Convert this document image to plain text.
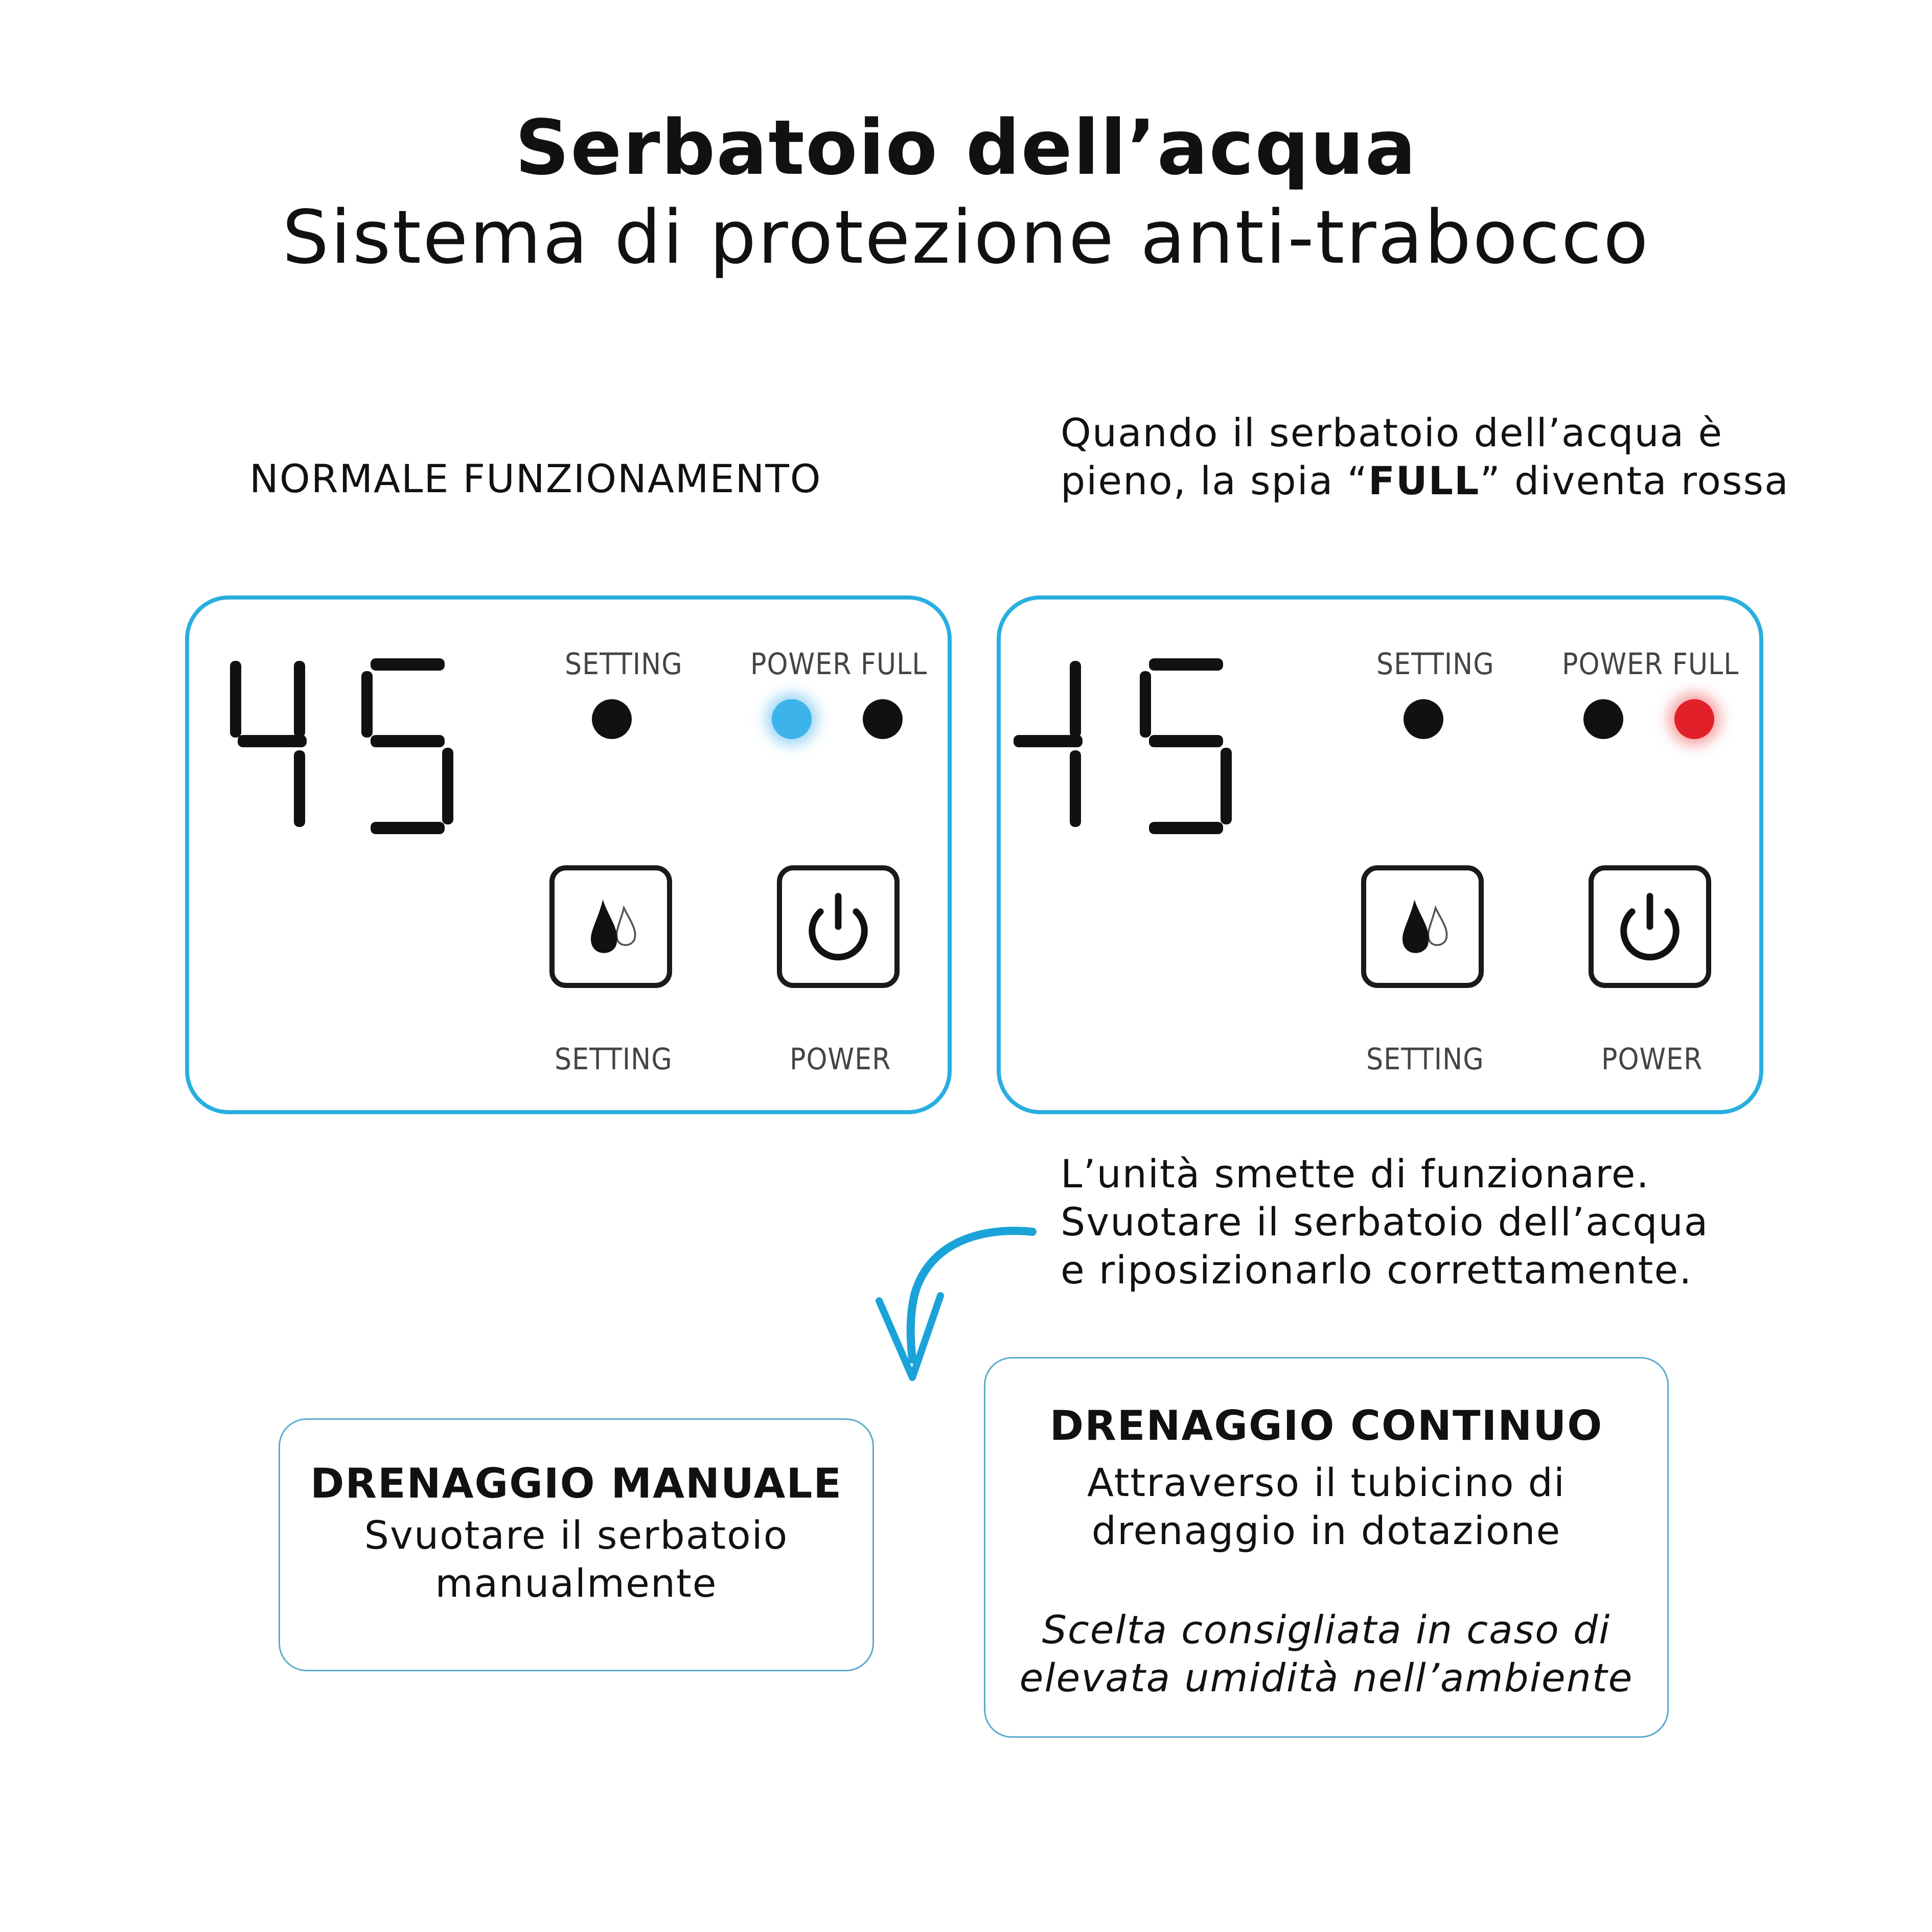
Serbatoio dell’acqua
Sistema di protezione anti-trabocco
NORMALE FUNZIONAMENTO
Quando il serbatoio dell’acqua è pieno, la spia “FULL” diventa rossa
SETTING POWER FULL
SETTING	POWER
SETTING POWER FULL
SETTING	POWER
L’unità smette di funzionare.
Svuotare il serbatoio dell’acqua
e riposizionarlo correttamente.
DRENAGGIO MANUALE
Svuotare il serbatoio
manualmente
DRENAGGIO CONTINUO
Attraverso il tubicino di
drenaggio in dotazione
Scelta consigliata in caso di
elevata umidità nell’ambiente
